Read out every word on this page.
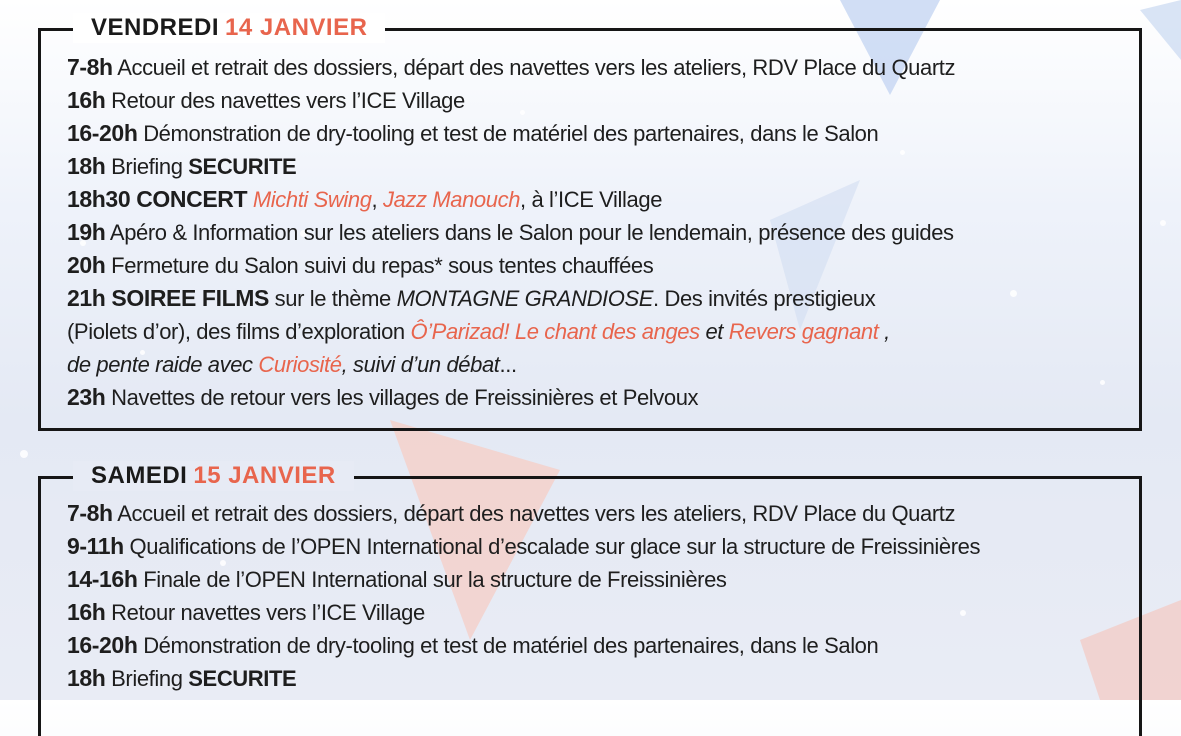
VENDREDI 14 JANVIER
7-8h Accueil et retrait des dossiers, départ des navettes vers les ateliers, RDV Place du Quartz
16h Retour des navettes vers l’ICE Village
16-20h Démonstration de dry-tooling et test de matériel des partenaires, dans le Salon
18h Briefing SECURITE
18h30 CONCERT Michti Swing, Jazz Manouch, à l’ICE Village
19h Apéro & Information sur les ateliers dans le Salon pour le lendemain, présence des guides
20h Fermeture du Salon suivi du repas* sous tentes chauffées
21h SOIREE FILMS sur le thème MONTAGNE GRANDIOSE. Des invités prestigieux
(Piolets d’or), des films d’exploration Ô’Parizad! Le chant des anges et Revers gagnant ,
de pente raide avec Curiosité, suivi d’un débat...
23h Navettes de retour vers les villages de Freissinières et Pelvoux
SAMEDI 15 JANVIER
7-8h Accueil et retrait des dossiers, départ des navettes vers les ateliers, RDV Place du Quartz
9-11h Qualifications de l’OPEN International d’escalade sur glace sur la structure de Freissinières
14-16h Finale de l’OPEN International sur la structure de Freissinières
16h Retour navettes vers l’ICE Village
16-20h Démonstration de dry-tooling et test de matériel des partenaires, dans le Salon
18h Briefing SECURITE
